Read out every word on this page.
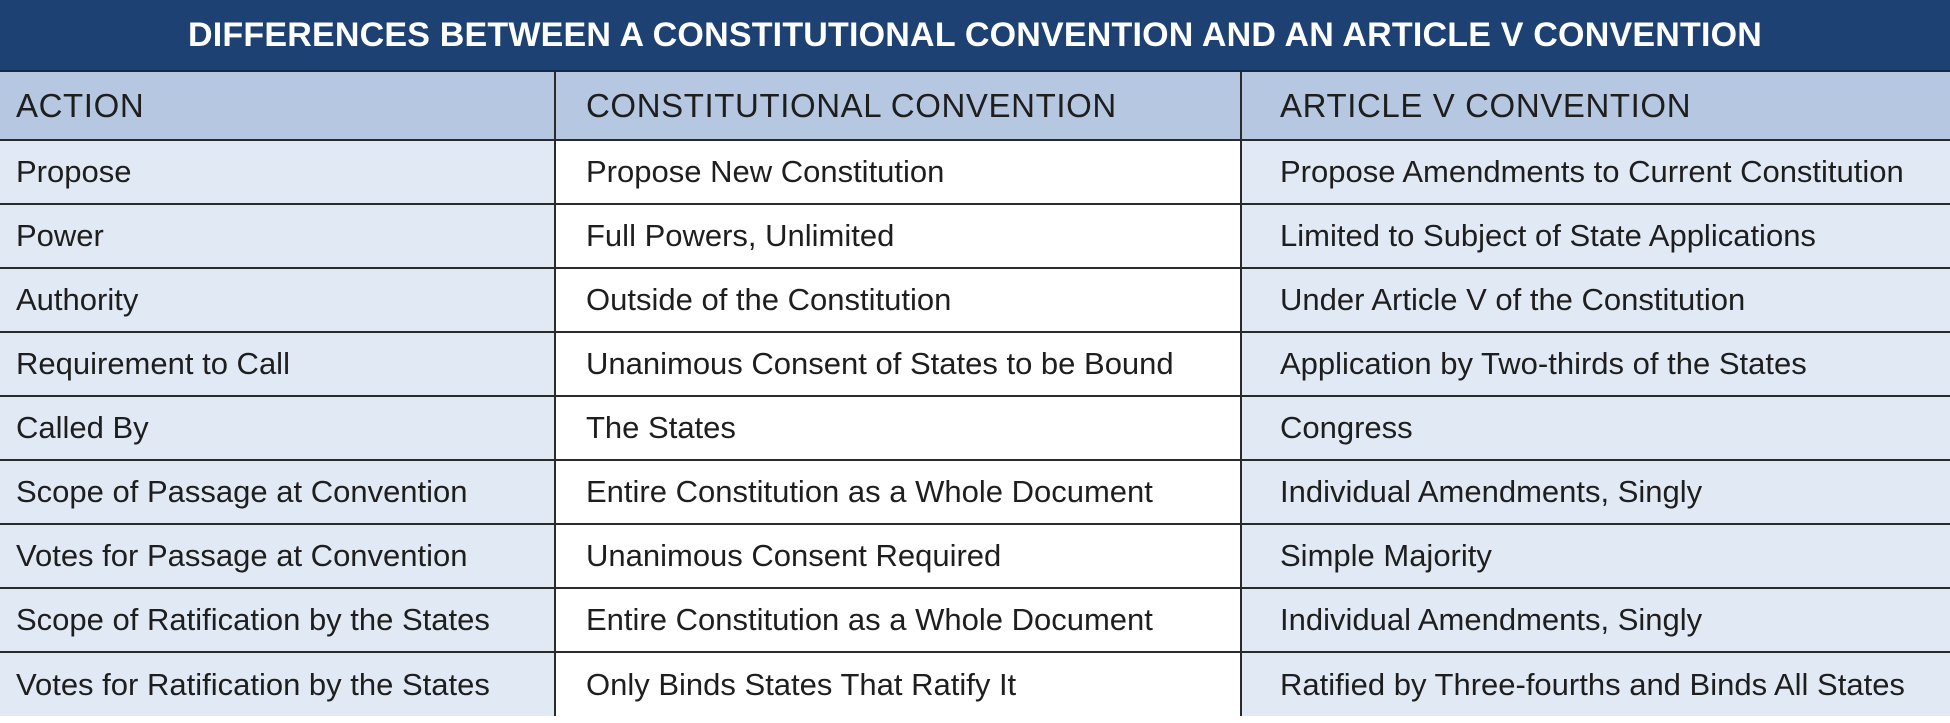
DIFFERENCES BETWEEN A CONSTITUTIONAL CONVENTION AND AN ARTICLE V CONVENTION
ACTION	CONSTITUTIONAL CONVENTION	ARTICLE V CONVENTION
Propose	Propose New Constitution	Propose Amendments to Current Constitution
Power	Full Powers, Unlimited	Limited to Subject of State Applications
Authority	Outside of the Constitution	Under Article V of the Constitution
Requirement to Call	Unanimous Consent of States to be Bound	Application by Two-thirds of the States
Called By	The States	Congress
Scope of Passage at Convention	Entire Constitution as a Whole Document	Individual Amendments, Singly
Votes for Passage at Convention	Unanimous Consent Required	Simple Majority
Scope of Ratification by the States	Entire Constitution as a Whole Document	Individual Amendments, Singly
Votes for Ratification by the States	Only Binds States That Ratify It	Ratified by Three-fourths and Binds All States
